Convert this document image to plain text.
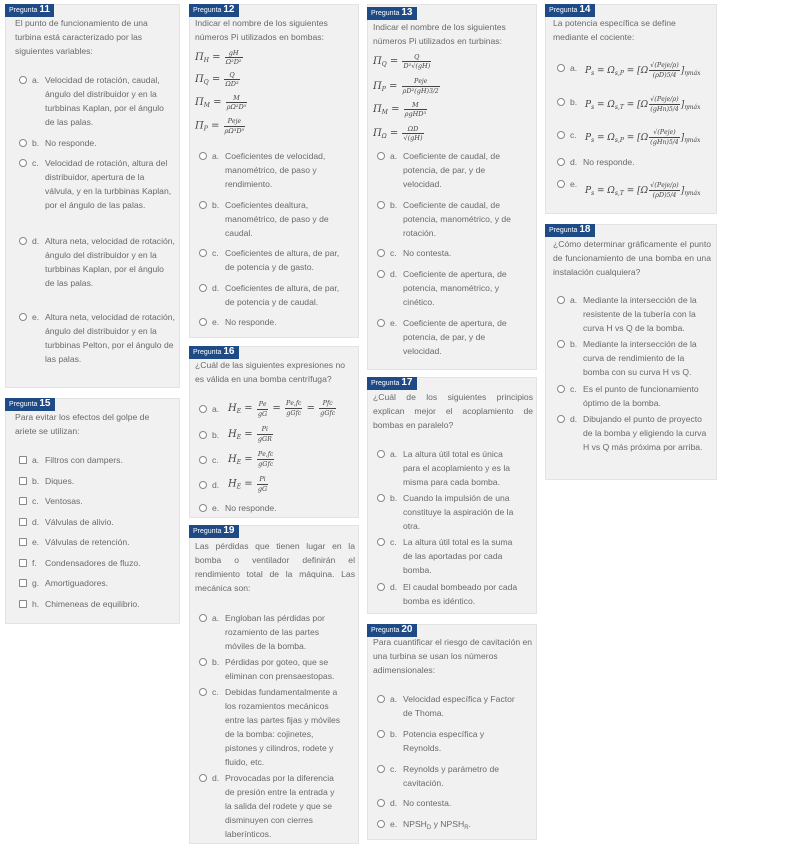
Pregunta 11
El punto de funcionamiento de una turbina está caracterizado por las siguientes variables:
a. Velocidad de rotación, caudal, ángulo del distribuidor y en la turbbinas Kaplan, por el ángulo de las palas.
b. No responde.
c. Velocidad de rotación, altura del distribuidor, apertura de la válvula, y en la turbbinas Kaplan, por el ángulo de las palas.
d. Altura neta, velocidad de rotación, ángulo del distribuidor y en la turbbinas Kaplan, por el ángulo de las palas.
e. Altura neta, velocidad de rotación, ángulo del distribuidor y en la turbbinas Pelton, por el ángulo de las palas.
Pregunta 15
Para evitar los efectos del golpe de ariete se utilizan:
a. Filtros con dampers.
b. Diques.
c. Ventosas.
d. Válvulas de alivio.
e. Válvulas de retención.
f. Condensadores de fluzo.
g. Amortiguadores.
h. Chimeneas de equilibrio.
Pregunta 12
Indicar el nombre de los siguientes números Pi utilizados en bombas:
$\Pi_H = \frac{gH}{\text{Ω²D²}}$
$\Pi_Q = \frac{Q}{\text{ΩD³}}$
$\Pi_M = \frac{M}{\text{ρΩ²D⁵}}$
$\Pi_P$ = Peje
ρΩ³D⁵
a. Coeficientes de velocidad, manométrico, de paso y rendimiento.
b. Coeficientes dealtura, manométrico, de paso y de caudal.
c. Coeficientes de altura, de par, de potencia y de gasto.
d. Coeficientes de altura, de par, de potencia y de caudal.
e. No responde.
Pregunta 16
¿Cuál de las siguientes expresiones no es válida en una bomba centrífuga?
a. $H_E = \frac{Pe}{gG} = Pe,fc$
gGfc = Pfc
gGfc
b. $H_E = Pi$
gGR
c. $H_E = Pe,fc$
gGfc
d. $H_E = \frac{Pi}{gG}$
e. No responde.
Pregunta 19
Las pérdidas que tienen lugar en la bomba o ventilador definirán el rendimiento total de la máquina. Las mecánica son:
a. Engloban las pérdidas por rozamiento de las partes móviles de la bomba.
b. Pérdidas por goteo, que se eliminan con prensaestopas.
c. Debidas fundamentalmente a los rozamientos mecánicos entre las partes fijas y móviles de la bomba: cojinetes, pistones y cilindros, rodete y fluido, etc.
d. Provocadas por la diferencia de presión entre la entrada y la salida del rodete y que se disminuyen con cierres laberínticos.
Pregunta 13
Indicar el nombre de los siguientes números Pi utilizados en turbinas:
$\Pi_Q = \frac{Q}{\text{D²√(gH)}}$
$\Pi_P$ =	Peje
ρD²(gH)3/2
$\Pi_M$ =	M
ρgHD³
$\Pi_\Omega = \frac{\Omega D}{√(gH)}$
a. Coeficiente de caudal, de potencia, de par, y de velocidad.
b. Coeficiente de caudal, de potencia, manométrico, y de rotación.
c. No contesta.
d. Coeficiente de apertura, de potencia, manométrico, y cinético.
e. Coeficiente de apertura, de potencia, de par, y de velocidad.
Pregunta 17
¿Cuál de los siguientes principios explican mejor el acoplamiento de bombas en paralelo?
a. La altura útil total es única para el acoplamiento y es la misma para cada bomba.
b. Cuando la impulsión de una constituye la aspiración de la otra.
c. La altura útil total es la suma de las aportadas por cada bomba.
d. El caudal bombeado por cada bomba es idéntico.
Pregunta 20
Para cuantificar el riesgo de cavitación en una turbina se usan los números adimensionales:
a. Velocidad específica y Factor de Thoma.
b. Potencia específica y Reynolds.
c. Reynolds y parámetro de cavitación.
d. No contesta.
e. $NPSH_D$ y $NPSH_R$.
Pregunta 14
La potencia específica se define mediante el cociente:
a. $P_s = \Omega_{s,P} = [\Omega$
√(Peje/ρ)
(ρD)5/4 ]$_{\eta máx}$
b. $P_s = \Omega_{s,T} = [\Omega$
√(Peje/ρ)
(gHn)5/4 ]$_{\eta máx}$
c. $P_s = \Omega_{s,P} = [\Omega$
√(Peje)
(gHn)5/4 ]$_{\eta máx}$
d. No responde.
e.
$P_s = \Omega_{s,T} = [\Omega$
√(Peje/ρ)
(ρD)5/4 ]$_{\eta máx}$
Pregunta 18
¿Cómo determinar gráficamente el punto de funcionamiento de una bomba en una instalación cualquiera?
a. Mediante la intersección de la resistente de la tubería con la curva H vs Q de la bomba.
b. Mediante la intersección de la curva de rendimiento de la bomba con su curva H vs Q.
c. Es el punto de funcionamiento óptimo de la bomba.
d. Dibujando el punto de proyecto de la bomba y eligiendo la curva H vs Q más próxima por arriba.
